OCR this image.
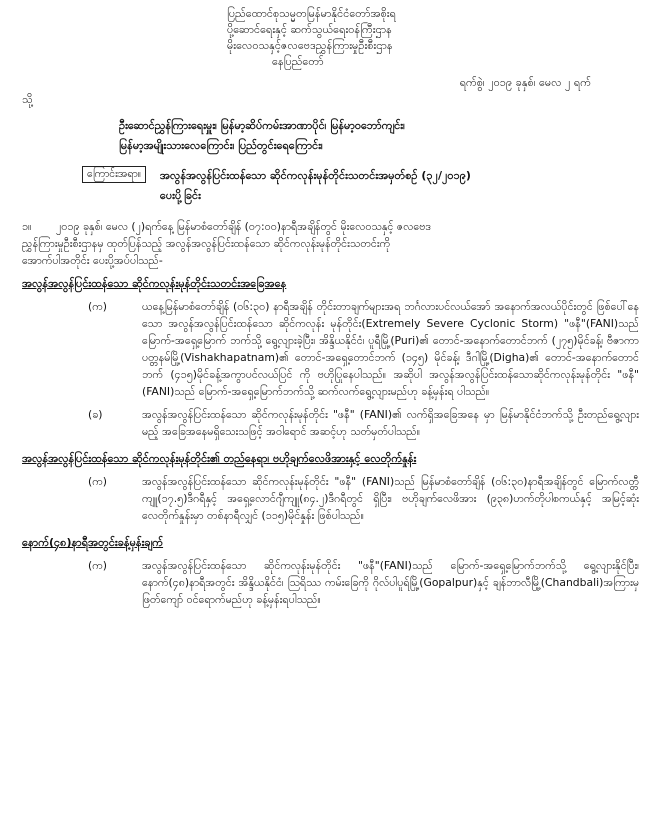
ပြည်ထောင်စုသမ္မတမြန်မာနိုင်ငံတော်အစိုးရ
ပို့ဆောင်ရေးနှင့် ဆက်သွယ်ရေးဝန်ကြီးဌာန
မိုးလေဝသနှင့်ဇလဗေဒညွှန်ကြားမှုဦးစီးဌာန
နေပြည်တော်
ရက်စွဲ၊ ၂၀၁၉ ခုနှစ်၊ မေလ ၂ ရက်
သို့
ဦးဆောင်ညွှန်ကြားရေးမှူး၊ မြန်မာ့ဆိပ်ကမ်းအာဏာပိုင်၊ မြန်မာ့ဝဘော်ကျင်း၊
မြန်မာ့အမျိုးသားလေကြောင်း၊ ပြည်တွင်းရေကြောင်း၊
ကြောင်းအရာ။	အလွန်အလွန်ပြင်းထန်သော ဆိုင်ကလုန်းမုန်တိုင်းသတင်းအမှတ်စဉ် (၃၂/၂၀၁၉)
ပေးပို့ခြင်း
၁။ ၂၀၁၉ ခုနှစ်၊ မေလ (၂)ရက်နေ့ မြန်မာစံတော်ချိန် (၀၇:၀၀)နာရီအချိန်တွင် မိုးလေဝသနှင့် ဇလဗေဒ
ညွှန်ကြားမှုဦးစီးဌာနမှ ထုတ်ပြန်သည့် အလွန်အလွန်ပြင်းထန်သော ဆိုင်ကလုန်းမုန်တိုင်းသတင်းကို
အောက်ပါအတိုင်း ပေးပို့အပ်ပါသည်-
အလွန်အလွန်ပြင်းထန်သော ဆိုင်ကလုန်းမုန်တိုင်းသတင်းအခြေအနေ
(က)	ယနေ့မြန်မာစံတော်ချိန် (၀၆:၃၀) နာရီအချိန် တိုင်းတာချက်များအရ ဘင်္ဂလားပင်လယ်အော် အနောက်အလယ်ပိုင်းတွင် ဖြစ်ပေါ်နေသော အလွန်အလွန်ပြင်းထန်သော ဆိုင်ကလုန်း မုန်တိုင်း(Extremely Severe Cyclonic Storm) "ဖနီ"(FANI)သည် မြောက်-အရှေ့မြောက် ဘက်သို့ ရွေ့လျားခဲ့ပြီး၊ အိန္ဒိယနိုင်ငံ၊ ပူရီမြို့(Puri)၏ တောင်-အနောက်တောင်ဘက် (၂၇၅)မိုင်ခန့်၊ ဗီဇာကာပတ္တနမ်မြို့(Vishakhapatnam)၏ တောင်-အရှေ့တောင်ဘက် (၁၄၅) မိုင်ခန့်၊ ဒီဂါမြို့(Digha)၏ တောင်-အနောက်တောင်ဘက် (၄၁၅)မိုင်ခန့်အကွာပင်လယ်ပြင် ကို ဗဟိုပြုနေပါသည်။ အဆိုပါ အလွန်အလွန်ပြင်းထန်သောဆိုင်ကလုန်းမုန်တိုင်း "ဖနီ"(FANI)သည် မြောက်-အရှေ့မြောက်ဘက်သို့ ဆက်လက်ရွေ့လျားမည်ဟု ခန့်မှန်းရ ပါသည်။

(ခ)	အလွန်အလွန်ပြင်းထန်သော ဆိုင်ကလုန်းမုန်တိုင်း "ဖနီ" (FANI)၏ လက်ရှိအခြေအနေ မှာ မြန်မာနိုင်ငံဘက်သို့ ဦးတည်ရွေ့လျားမည့် အခြေအနေမရှိသေးသဖြင့် အဝါရောင် အဆင့်ဟု သတ်မှတ်ပါသည်။

အလွန်အလွန်ပြင်းထန်သော ဆိုင်ကလုန်းမုန်တိုင်း၏ တည်နေရာ၊ ဗဟိုချက်လေဖိအားနှင့် လေတိုက်နှုန်း
(က)	အလွန်အလွန်ပြင်းထန်သော ဆိုင်ကလုန်းမုန်တိုင်း "ဖနီ" (FANI)သည် မြန်မာစံတော်ချိန် (၀၆:၃၀)နာရီအချိန်တွင် မြောက်လတ္တီကျူ(၁၇.၅)ဒီဂရီနှင့် အရှေ့လောင်ဂျီကျူ(၈၄.၂)ဒီဂရီတွင် ရှိပြီး၊ ဗဟိုချက်လေဖိအား (၉၃၈)ဟက်တိုပါစကယ်နှင့် အမြင့်ဆုံးလေတိုက်နှုန်းမှာ တစ်နာရီလျှင် (၁၁၅)မိုင်နှုန်း ဖြစ်ပါသည်။

နောက်(၄၈)နာရီအတွင်းခန့်မှန်းချက်
(က)	အလွန်အလွန်ပြင်းထန်သော ဆိုင်ကလုန်းမုန်တိုင်း "ဖနီ"(FANI)သည် မြောက်-အရှေ့မြောက်ဘက်သို့ ရွေ့လျားနိုင်ပြီး၊ နောက်(၄၈)နာရီအတွင်း အိန္ဒိယနိုင်ငံ၊ ဩရိဿ ကမ်းခြေကို ဂိုလ်ပါပူရ်မြို့(Gopalpur)နှင့် ချန်ဘာလီမြို့(Chandbali)အကြားမှ ဖြတ်ကျော် ဝင်ရောက်မည်ဟု ခန့်မှန်းရပါသည်။
